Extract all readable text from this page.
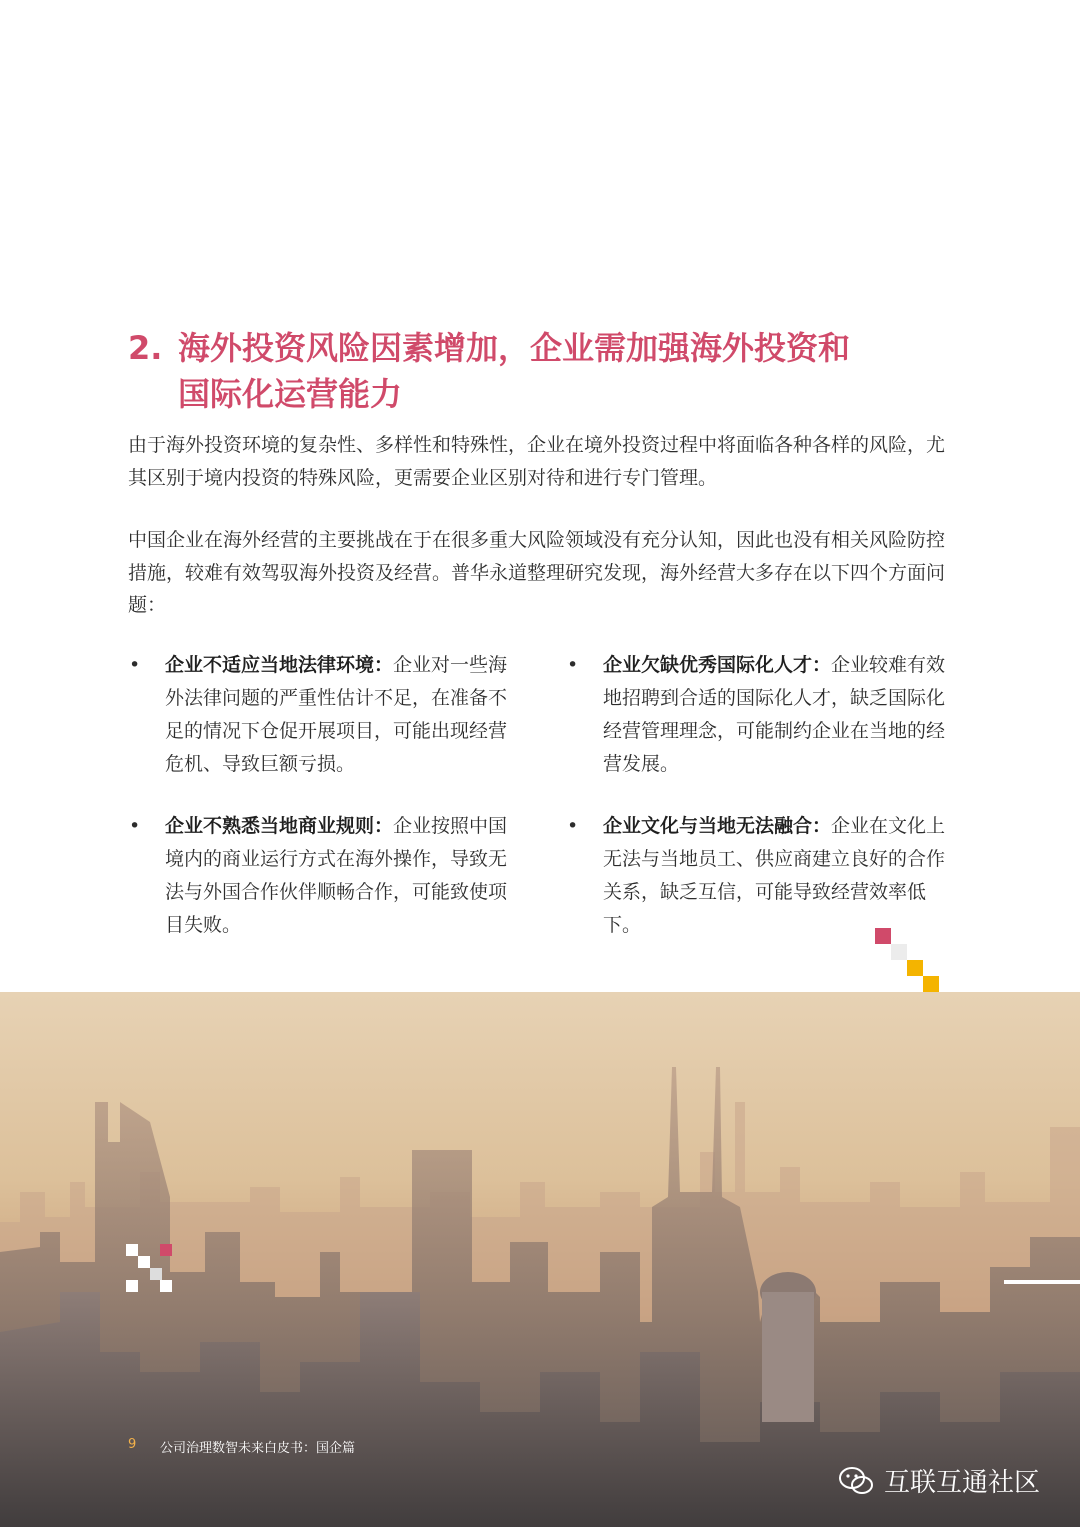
2. 海外投资风险因素增加，企业需加强海外投资和
国际化运营能力

由于海外投资环境的复杂性、多样性和特殊性，企业在境外投资过程中将面临各种各样的风险，尤其区别于境内投资的特殊风险，更需要企业区别对待和进行专门管理。

中国企业在海外经营的主要挑战在于在很多重大风险领域没有充分认知，因此也没有相关风险防控措施，较难有效驾驭海外投资及经营。普华永道整理研究发现，海外经营大多存在以下四个方面问题：

• 企业不适应当地法律环境：企业对一些海外法律问题的严重性估计不足，在准备不足的情况下仓促开展项目，可能出现经营危机、导致巨额亏损。
• 企业不熟悉当地商业规则：企业按照中国境内的商业运行方式在海外操作，导致无法与外国合作伙伴顺畅合作，可能致使项目失败。
• 企业欠缺优秀国际化人才：企业较难有效地招聘到合适的国际化人才，缺乏国际化经营管理理念，可能制约企业在当地的经营发展。
• 企业文化与当地无法融合：企业在文化上无法与当地员工、供应商建立良好的合作关系，缺乏互信，可能导致经营效率低下。
9 公司治理数智未来白皮书：国企篇
互联互通社区
